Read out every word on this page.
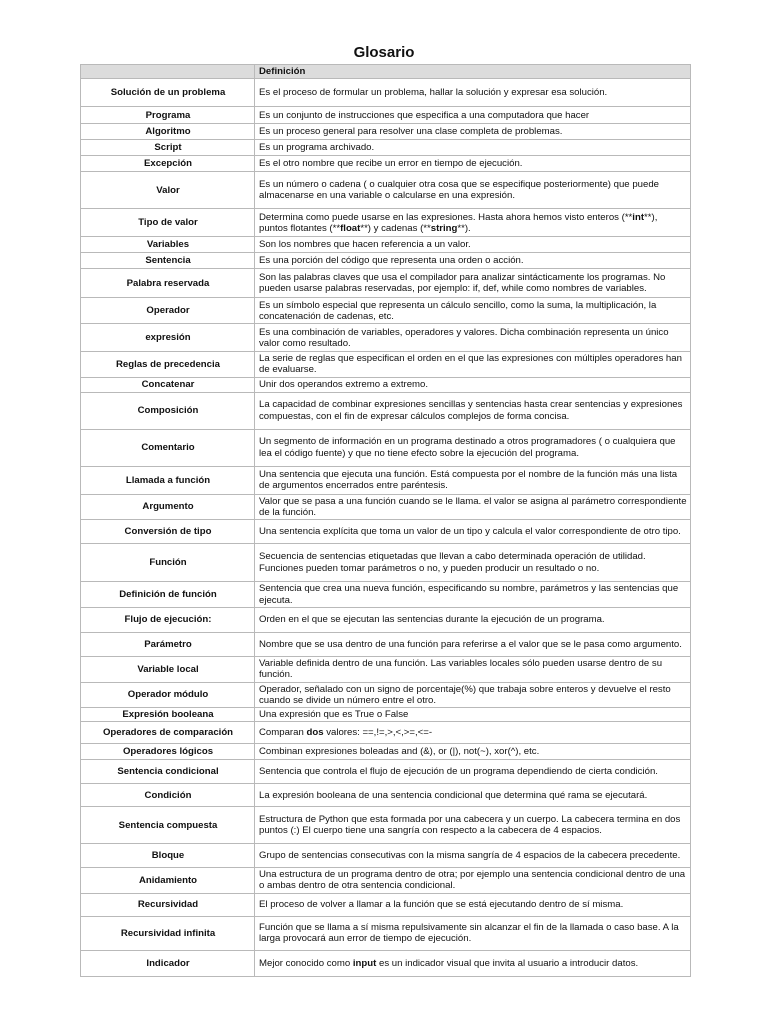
Glosario
	Definición
Solución de un problema	Es el proceso de formular un problema, hallar la solución y expresar esa solución.
Programa	Es un conjunto de instrucciones que especifica a una computadora que hacer
Algoritmo	Es un proceso general para resolver una clase completa de problemas.
Script	Es un programa archivado.
Excepción	Es el otro nombre que recibe un error en tiempo de ejecución.
Valor	Es un número o cadena ( o cualquier otra cosa que se especifique posteriormente) que puede almacenarse en una variable o calcularse en una expresión.
Tipo de valor	Determina como puede usarse en las expresiones. Hasta ahora hemos visto enteros (**int**), puntos flotantes (**float**) y cadenas (**string**).
Variables	Son los nombres que hacen referencia a un valor.
Sentencia	Es una porción del código que representa una orden o acción.
Palabra reservada	Son las palabras claves que usa el compilador para analizar sintácticamente los programas. No pueden usarse palabras reservadas, por ejemplo: if, def, while como nombres de variables.
Operador	Es un símbolo especial que representa un cálculo sencillo, como la suma, la multiplicación, la concatenación de cadenas, etc.
expresión	Es una combinación de variables, operadores y valores. Dicha combinación representa un único valor como resultado.
Reglas de precedencia	La serie de reglas que especifican el orden en el que las expresiones con múltiples operadores han de evaluarse.
Concatenar	Unir dos operandos extremo a extremo.
Composición	La capacidad de combinar expresiones sencillas y sentencias hasta crear sentencias y expresiones compuestas, con el fin de expresar cálculos complejos de forma concisa.
Comentario	Un segmento de información en un programa destinado a otros programadores ( o cualquiera que lea el código fuente) y que no tiene efecto sobre la ejecución del programa.
Llamada a función	Una sentencia que ejecuta una función. Está compuesta por el nombre de la función más una lista de argumentos encerrados entre paréntesis.
Argumento	Valor que se pasa a una función cuando se le llama. el valor se asigna al parámetro correspondiente de la función.
Conversión de tipo	Una sentencia explícita que toma un valor de un tipo y calcula el valor correspondiente de otro tipo.
Función	Secuencia de sentencias etiquetadas que llevan a cabo determinada operación de utilidad. Funciones pueden tomar parámetros o no, y pueden producir un resultado o no.
Definición de función	Sentencia que crea una nueva función, especificando su nombre, parámetros y las sentencias que ejecuta.
Flujo de ejecución:	Orden en el que se ejecutan las sentencias durante la ejecución de un programa.
Parámetro	Nombre que se usa dentro de una función para referirse a el valor que se le pasa como argumento.
Variable local	Variable definida dentro de una función. Las variables locales sólo pueden usarse dentro de su función.
Operador módulo	Operador, señalado con un signo de porcentaje(%) que trabaja sobre enteros y devuelve el resto cuando se divide un número entre el otro.
Expresión booleana	Una expresión que es True o False
Operadores de comparación	Comparan dos valores: ==,!=,>,<,>=,<=-
Operadores lógicos	Combinan expresiones boleadas and (&), or (|), not(~), xor(^), etc.
Sentencia condicional	Sentencia que controla el flujo de ejecución de un programa dependiendo de cierta condición.
Condición	La expresión booleana de una sentencia condicional que determina qué rama se ejecutará.
Sentencia compuesta	Estructura de Python que esta formada por una cabecera y un cuerpo. La cabecera termina en dos puntos (:) El cuerpo tiene una sangría con respecto a la cabecera de 4 espacios.
Bloque	Grupo de sentencias consecutivas con la misma sangría de 4 espacios de la cabecera precedente.
Anidamiento	Una estructura de un programa dentro de otra; por ejemplo una sentencia condicional dentro de una o ambas dentro de otra sentencia condicional.
Recursividad	El proceso de volver a llamar a la función que se está ejecutando dentro de sí misma.
Recursividad infinita	Función que se llama a sí misma repulsivamente sin alcanzar el fin de la llamada o caso base. A la larga provocará aun error de tiempo de ejecución.
Indicador	Mejor conocido como input es un indicador visual que invita al usuario a introducir datos.
